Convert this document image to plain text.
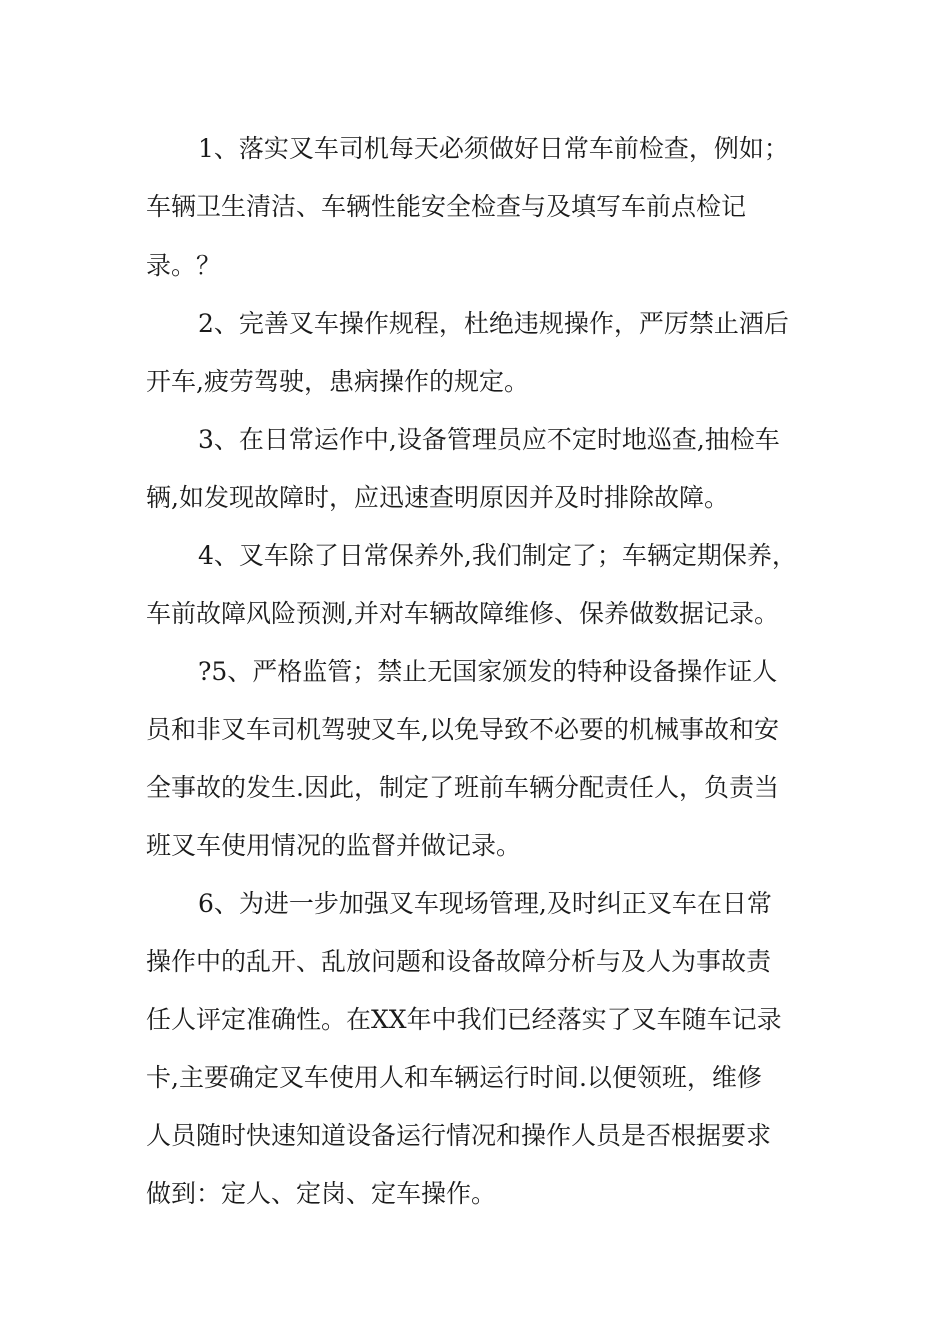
1、落实叉车司机每天必须做好日常车前检查，例如；
车辆卫生清洁、车辆性能安全检查与及填写车前点检记
录。？
2、完善叉车操作规程，杜绝违规操作，严厉禁止酒后
开车,疲劳驾驶，患病操作的规定。
3、在日常运作中,设备管理员应不定时地巡查,抽检车
辆,如发现故障时，应迅速查明原因并及时排除故障。
4、叉车除了日常保养外,我们制定了；车辆定期保养，
车前故障风险预测,并对车辆故障维修、保养做数据记录。
?5、严格监管；禁止无国家颁发的特种设备操作证人
员和非叉车司机驾驶叉车,以免导致不必要的机械事故和安
全事故的发生.因此，制定了班前车辆分配责任人，负责当
班叉车使用情况的监督并做记录。
6、为进一步加强叉车现场管理,及时纠正叉车在日常
操作中的乱开、乱放问题和设备故障分析与及人为事故责
任人评定准确性。在XX年中我们已经落实了叉车随车记录
卡,主要确定叉车使用人和车辆运行时间.以便领班，维修
人员随时快速知道设备运行情况和操作人员是否根据要求
做到：定人、定岗、定车操作。
